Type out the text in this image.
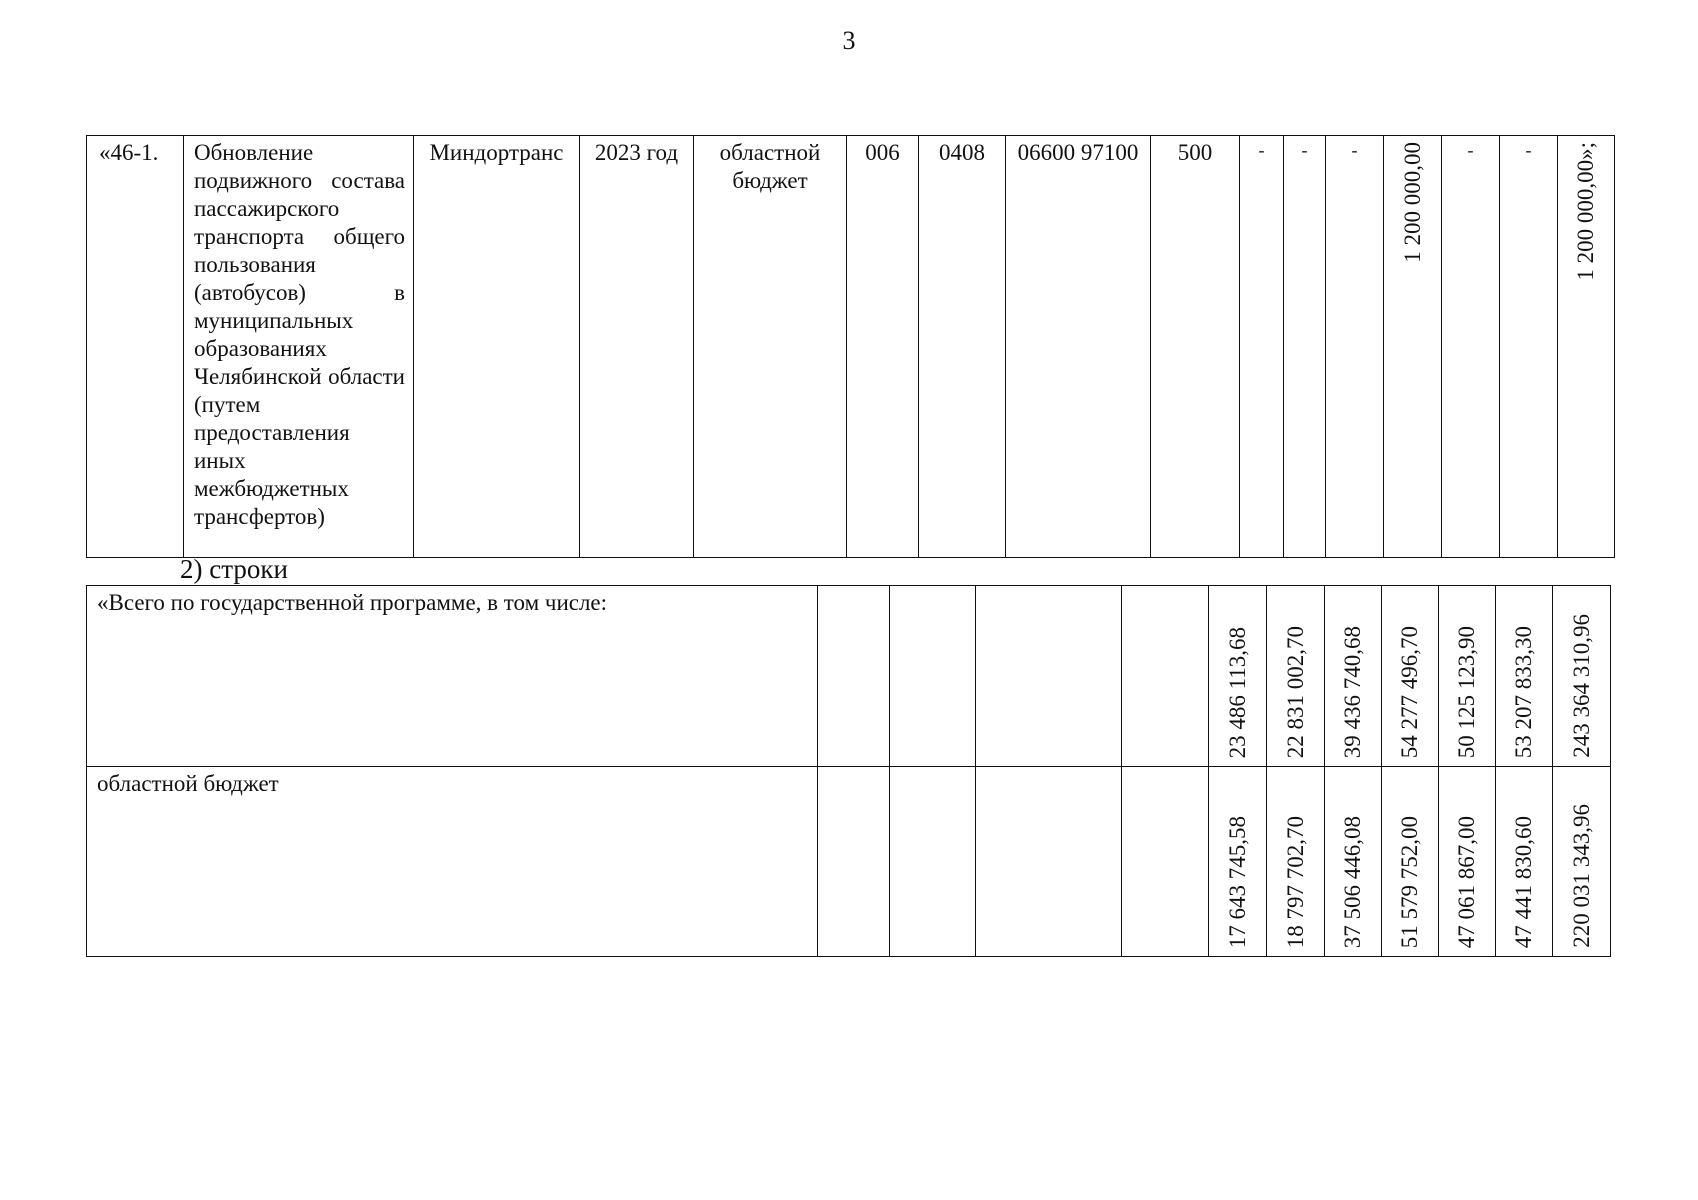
3
«46-1.	Обновление подвижного состава пассажирского транспорта общего пользования (автобусов) в муниципальных образованиях Челябинской области (путем предоставления иных межбюджетных трансфертов)	Миндортранс	2023 год	областной бюджет	006	0408	06600 97100	500	-	-	-	1 200 000,00	-	-	1 200 000,00»;
2) строки
«Всего по государственной программе, в том числе:					23 486 113,68	22 831 002,70	39 436 740,68	54 277 496,70	50 125 123,90	53 207 833,30	243 364 310,96

областной бюджет					17 643 745,58	18 797 702,70	37 506 446,08	51 579 752,00	47 061 867,00	47 441 830,60	220 031 343,96
